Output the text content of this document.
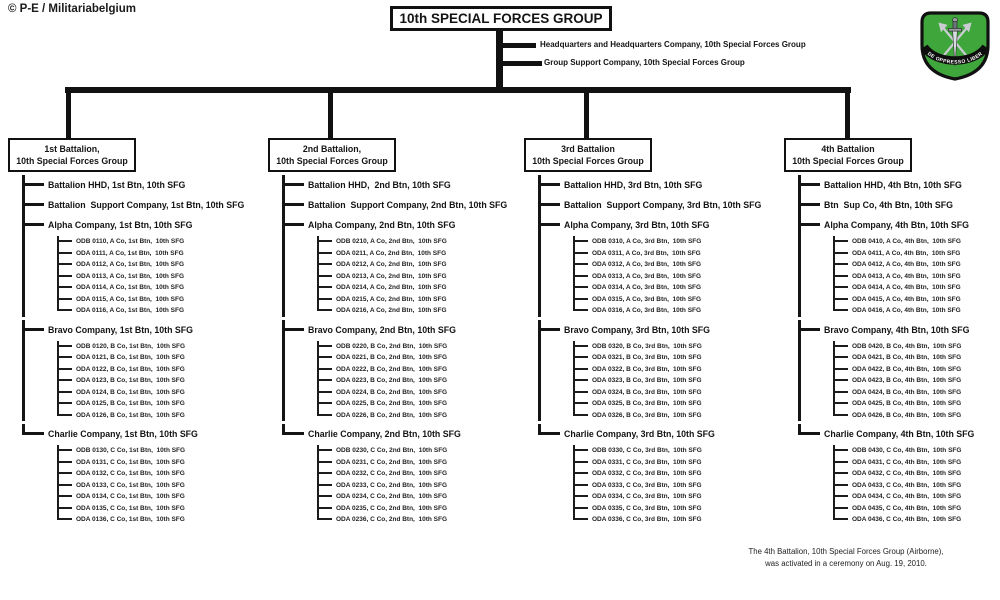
© P-E / Militariabelgium
10th SPECIAL FORCES GROUP
Headquarters and Headquarters Company, 10th Special Forces Group
Group Support Company, 10th Special Forces Group
1st Battalion,
10th Special Forces Group
Battalion HHD, 1st Btn, 10th SFG
Battalion  Support Company, 1st Btn, 10th SFG
Alpha Company, 1st Btn, 10th SFG
ODB 0110, A Co, 1st Btn,  10th SFG
ODA 0111, A Co, 1st Btn,  10th SFG
ODA 0112, A Co, 1st Btn,  10th SFG
ODA 0113, A Co, 1st Btn,  10th SFG
ODA 0114, A Co, 1st Btn,  10th SFG
ODA 0115, A Co, 1st Btn,  10th SFG
ODA 0116, A Co, 1st Btn,  10th SFG
Bravo Company, 1st Btn, 10th SFG
ODB 0120, B Co, 1st Btn,  10th SFG
ODA 0121, B Co, 1st Btn,  10th SFG
ODA 0122, B Co, 1st Btn,  10th SFG
ODA 0123, B Co, 1st Btn,  10th SFG
ODA 0124, B Co, 1st Btn,  10th SFG
ODA 0125, B Co, 1st Btn,  10th SFG
ODA 0126, B Co, 1st Btn,  10th SFG
Charlie Company, 1st Btn, 10th SFG
ODB 0130, C Co, 1st Btn,  10th SFG
ODA 0131, C Co, 1st Btn,  10th SFG
ODA 0132, C Co, 1st Btn,  10th SFG
ODA 0133, C Co, 1st Btn,  10th SFG
ODA 0134, C Co, 1st Btn,  10th SFG
ODA 0135, C Co, 1st Btn,  10th SFG
ODA 0136, C Co, 1st Btn,  10th SFG
2nd Battalion,
10th Special Forces Group
Battalion HHD,  2nd Btn, 10th SFG
Battalion  Support Company, 2nd Btn, 10th SFG
Alpha Company, 2nd Btn, 10th SFG
ODB 0210, A Co, 2nd Btn,  10th SFG
ODA 0211, A Co, 2nd Btn,  10th SFG
ODA 0212, A Co, 2nd Btn,  10th SFG
ODA 0213, A Co, 2nd Btn,  10th SFG
ODA 0214, A Co, 2nd Btn,  10th SFG
ODA 0215, A Co, 2nd Btn,  10th SFG
ODA 0216, A Co, 2nd Btn,  10th SFG
Bravo Company, 2nd Btn, 10th SFG
ODB 0220, B Co, 2nd Btn,  10th SFG
ODA 0221, B Co, 2nd Btn,  10th SFG
ODA 0222, B Co, 2nd Btn,  10th SFG
ODA 0223, B Co, 2nd Btn,  10th SFG
ODA 0224, B Co, 2nd Btn,  10th SFG
ODA 0225, B Co, 2nd Btn,  10th SFG
ODA 0226, B Co, 2nd Btn,  10th SFG
Charlie Company, 2nd Btn, 10th SFG
ODB 0230, C Co, 2nd Btn,  10th SFG
ODA 0231, C Co, 2nd Btn,  10th SFG
ODA 0232, C Co, 2nd Btn,  10th SFG
ODA 0233, C Co, 2nd Btn,  10th SFG
ODA 0234, C Co, 2nd Btn,  10th SFG
ODA 0235, C Co, 2nd Btn,  10th SFG
ODA 0236, C Co, 2nd Btn,  10th SFG
3rd Battalion
10th Special Forces Group
Battalion HHD, 3rd Btn, 10th SFG
Battalion  Support Company, 3rd Btn, 10th SFG
Alpha Company, 3rd Btn, 10th SFG
ODB 0310, A Co, 3rd Btn,  10th SFG
ODA 0311, A Co, 3rd Btn,  10th SFG
ODA 0312, A Co, 3rd Btn,  10th SFG
ODA 0313, A Co, 3rd Btn,  10th SFG
ODA 0314, A Co, 3rd Btn,  10th SFG
ODA 0315, A Co, 3rd Btn,  10th SFG
ODA 0316, A Co, 3rd Btn,  10th SFG
Bravo Company, 3rd Btn, 10th SFG
ODB 0320, B Co, 3rd Btn,  10th SFG
ODA 0321, B Co, 3rd Btn,  10th SFG
ODA 0322, B Co, 3rd Btn,  10th SFG
ODA 0323, B Co, 3rd Btn,  10th SFG
ODA 0324, B Co, 3rd Btn,  10th SFG
ODA 0325, B Co, 3rd Btn,  10th SFG
ODA 0326, B Co, 3rd Btn,  10th SFG
Charlie Company, 3rd Btn, 10th SFG
ODB 0330, C Co, 3rd Btn,  10th SFG
ODA 0331, C Co, 3rd Btn,  10th SFG
ODA 0332, C Co, 3rd Btn,  10th SFG
ODA 0333, C Co, 3rd Btn,  10th SFG
ODA 0334, C Co, 3rd Btn,  10th SFG
ODA 0335, C Co, 3rd Btn,  10th SFG
ODA 0336, C Co, 3rd Btn,  10th SFG
4th Battalion
10th Special Forces Group
Battalion HHD, 4th Btn, 10th SFG
Btn  Sup Co, 4th Btn, 10th SFG
Alpha Company, 4th Btn, 10th SFG
ODB 0410, A Co, 4th Btn,  10th SFG
ODA 0411, A Co, 4th Btn,  10th SFG
ODA 0412, A Co, 4th Btn,  10th SFG
ODA 0413, A Co, 4th Btn,  10th SFG
ODA 0414, A Co, 4th Btn,  10th SFG
ODA 0415, A Co, 4th Btn,  10th SFG
ODA 0416, A Co, 4th Btn,  10th SFG
Bravo Company, 4th Btn, 10th SFG
ODB 0420, B Co, 4th Btn,  10th SFG
ODA 0421, B Co, 4th Btn,  10th SFG
ODA 0422, B Co, 4th Btn,  10th SFG
ODA 0423, B Co, 4th Btn,  10th SFG
ODA 0424, B Co, 4th Btn,  10th SFG
ODA 0425, B Co, 4th Btn,  10th SFG
ODA 0426, B Co, 4th Btn,  10th SFG
Charlie Company, 4th Btn, 10th SFG
ODB 0430, C Co, 4th Btn,  10th SFG
ODA 0431, C Co, 4th Btn,  10th SFG
ODA 0432, C Co, 4th Btn,  10th SFG
ODA 0433, C Co, 4th Btn,  10th SFG
ODA 0434, C Co, 4th Btn,  10th SFG
ODA 0435, C Co, 4th Btn,  10th SFG
ODA 0436, C Co, 4th Btn,  10th SFG
DE OPPRESSO LIBER
The 4th Battalion, 10th Special Forces Group (Airborne),
was activated in a ceremony on Aug. 19, 2010.
